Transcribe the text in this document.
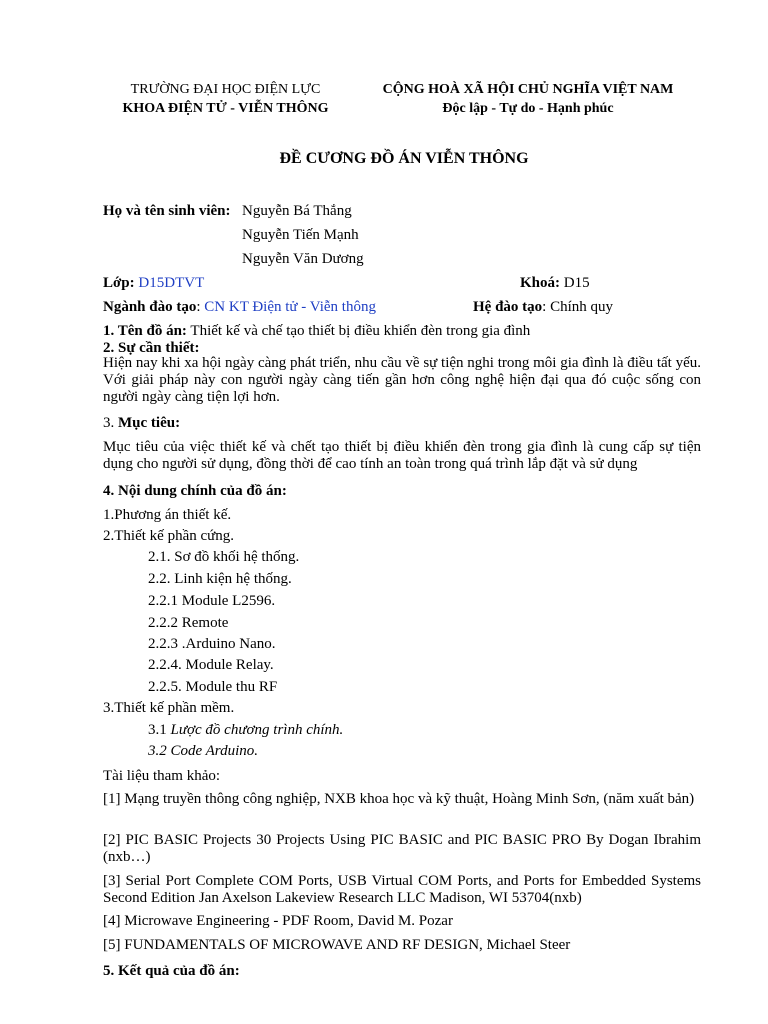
TRƯỜNG ĐẠI HỌC ĐIỆN LỰC
KHOA ĐIỆN TỬ - VIỄN THÔNG
CỘNG HOÀ XÃ HỘI CHỦ NGHĨA VIỆT NAM
Độc lập - Tự do - Hạnh phúc
ĐỀ CƯƠNG ĐỒ ÁN VIỄN THÔNG
Họ và tên sinh viên: Nguyễn Bá Thắng
Nguyễn Tiến Mạnh
Nguyễn Văn Dương
Lớp: D15DTVT	Khoá: D15
Ngành đào tạo: CN KT Điện tử - Viễn thông	Hệ đào tạo: Chính quy
1. Tên đồ án: Thiết kế và chế tạo thiết bị điều khiển đèn trong gia đình
2. Sự cần thiết:
Hiện nay khi xa hội ngày càng phát triển, nhu cầu về sự tiện nghi trong môi gia đình là điều tất yếu. Với giải pháp này con người ngày càng tiến gần hơn công nghệ hiện đại qua đó cuộc sống con người ngày càng tiện lợi hơn.
3. Mục tiêu:
Mục tiêu của việc thiết kế và chết tạo thiết bị điều khiển đèn trong gia đình là cung cấp sự tiện dụng cho người sử dụng, đồng thời để cao tính an toàn trong quá trình lắp đặt và sử dụng
4. Nội dung chính của đồ án:
1.Phương án thiết kế.
2.Thiết kế phần cứng.
2.1. Sơ đồ khối hệ thống.
2.2. Linh kiện hệ thống.
2.2.1 Module L2596.
2.2.2 Remote
2.2.3 .Arduino Nano.
2.2.4. Module Relay.
2.2.5. Module thu RF
3.Thiết kế phần mềm.
3.1 Lược đồ chương trình chính.
3.2 Code Arduino.
Tài liệu tham khảo:
[1] Mạng truyền thông công nghiệp, NXB khoa học và kỹ thuật, Hoàng Minh Sơn, (năm xuất bản)
[2] PIC BASIC Projects 30 Projects Using PIC BASIC and PIC BASIC PRO By Dogan Ibrahim (nxb…)
[3] Serial Port Complete COM Ports, USB Virtual COM Ports, and Ports for Embedded Systems Second Edition Jan Axelson Lakeview Research LLC Madison, WI 53704(nxb)
[4] Microwave Engineering - PDF Room, David M. Pozar
[5] FUNDAMENTALS OF MICROWAVE AND RF DESIGN, Michael Steer
5. Kết quả của đồ án:
